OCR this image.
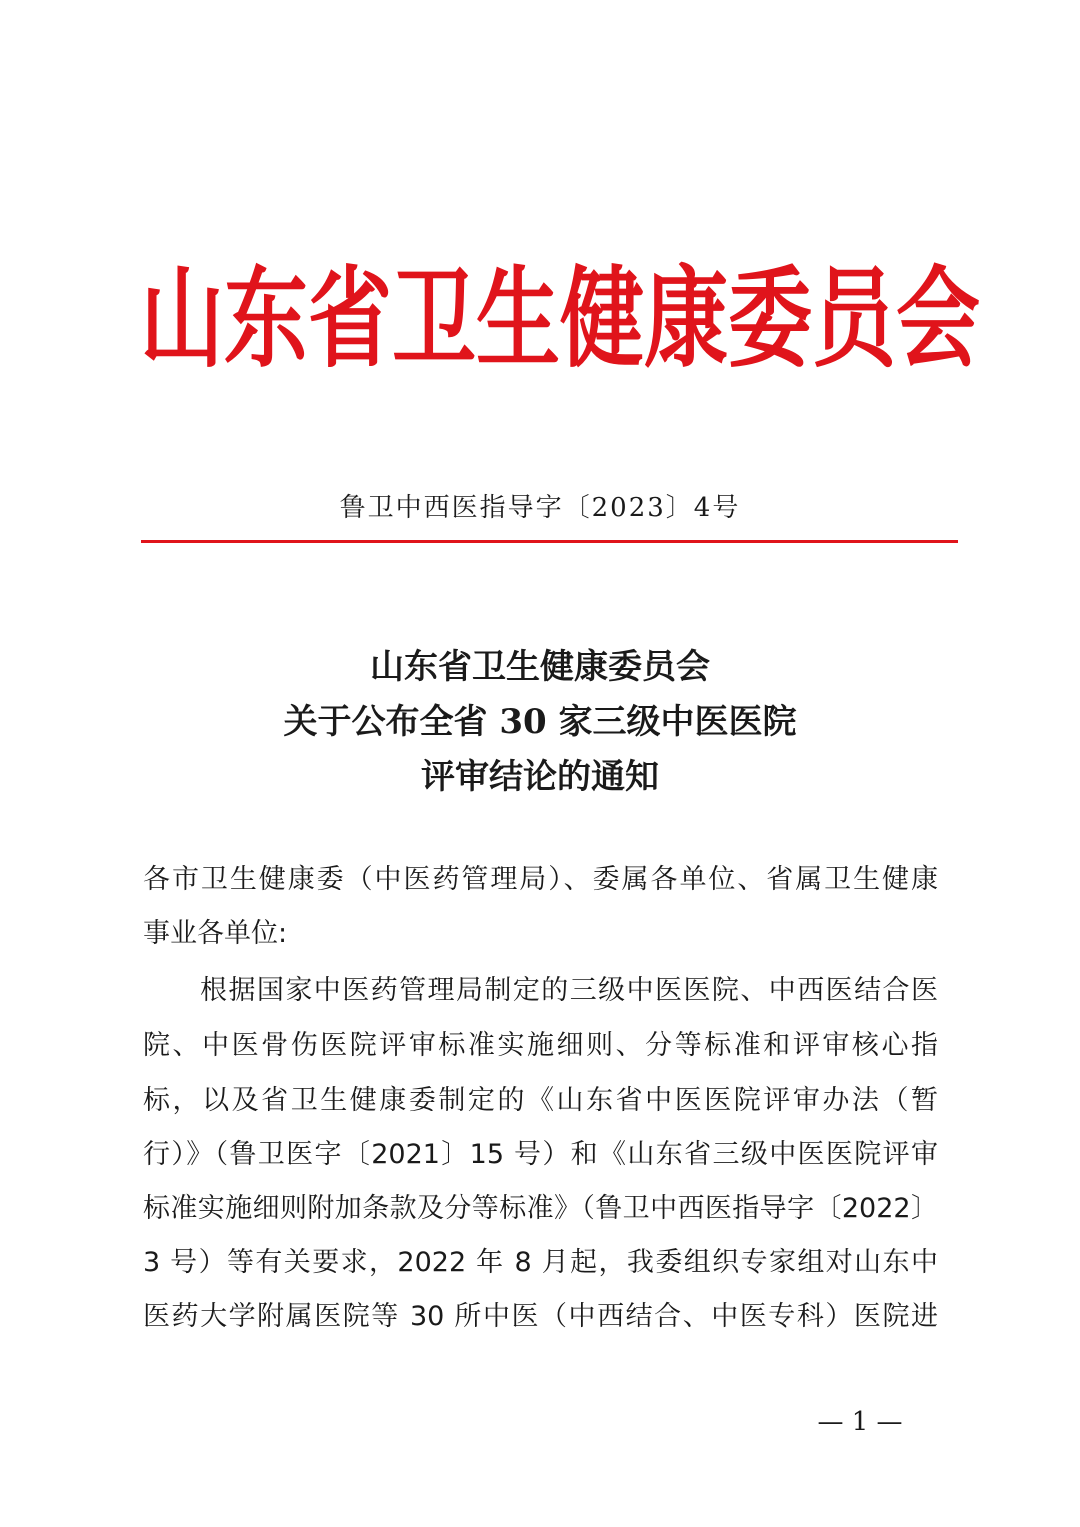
山东省卫生健康委员会
鲁卫中西医指导字〔2023〕4号
山东省卫生健康委员会
关于公布全省 30 家三级中医医院
评审结论的通知
各市卫生健康委（中医药管理局）、委属各单位、省属卫生健康
事业各单位:
根据国家中医药管理局制定的三级中医医院、中西医结合医
院、中医骨伤医院评审标准实施细则、分等标准和评审核心指
标，以及省卫生健康委制定的《山东省中医医院评审办法（暂
行）》（鲁卫医字〔2021〕15 号）和《山东省三级中医医院评审
标准实施细则附加条款及分等标准》（鲁卫中西医指导字〔2022〕
3 号）等有关要求，2022 年 8 月起，我委组织专家组对山东中
医药大学附属医院等 30 所中医（中西结合、中医专科）医院进
— 1 —
